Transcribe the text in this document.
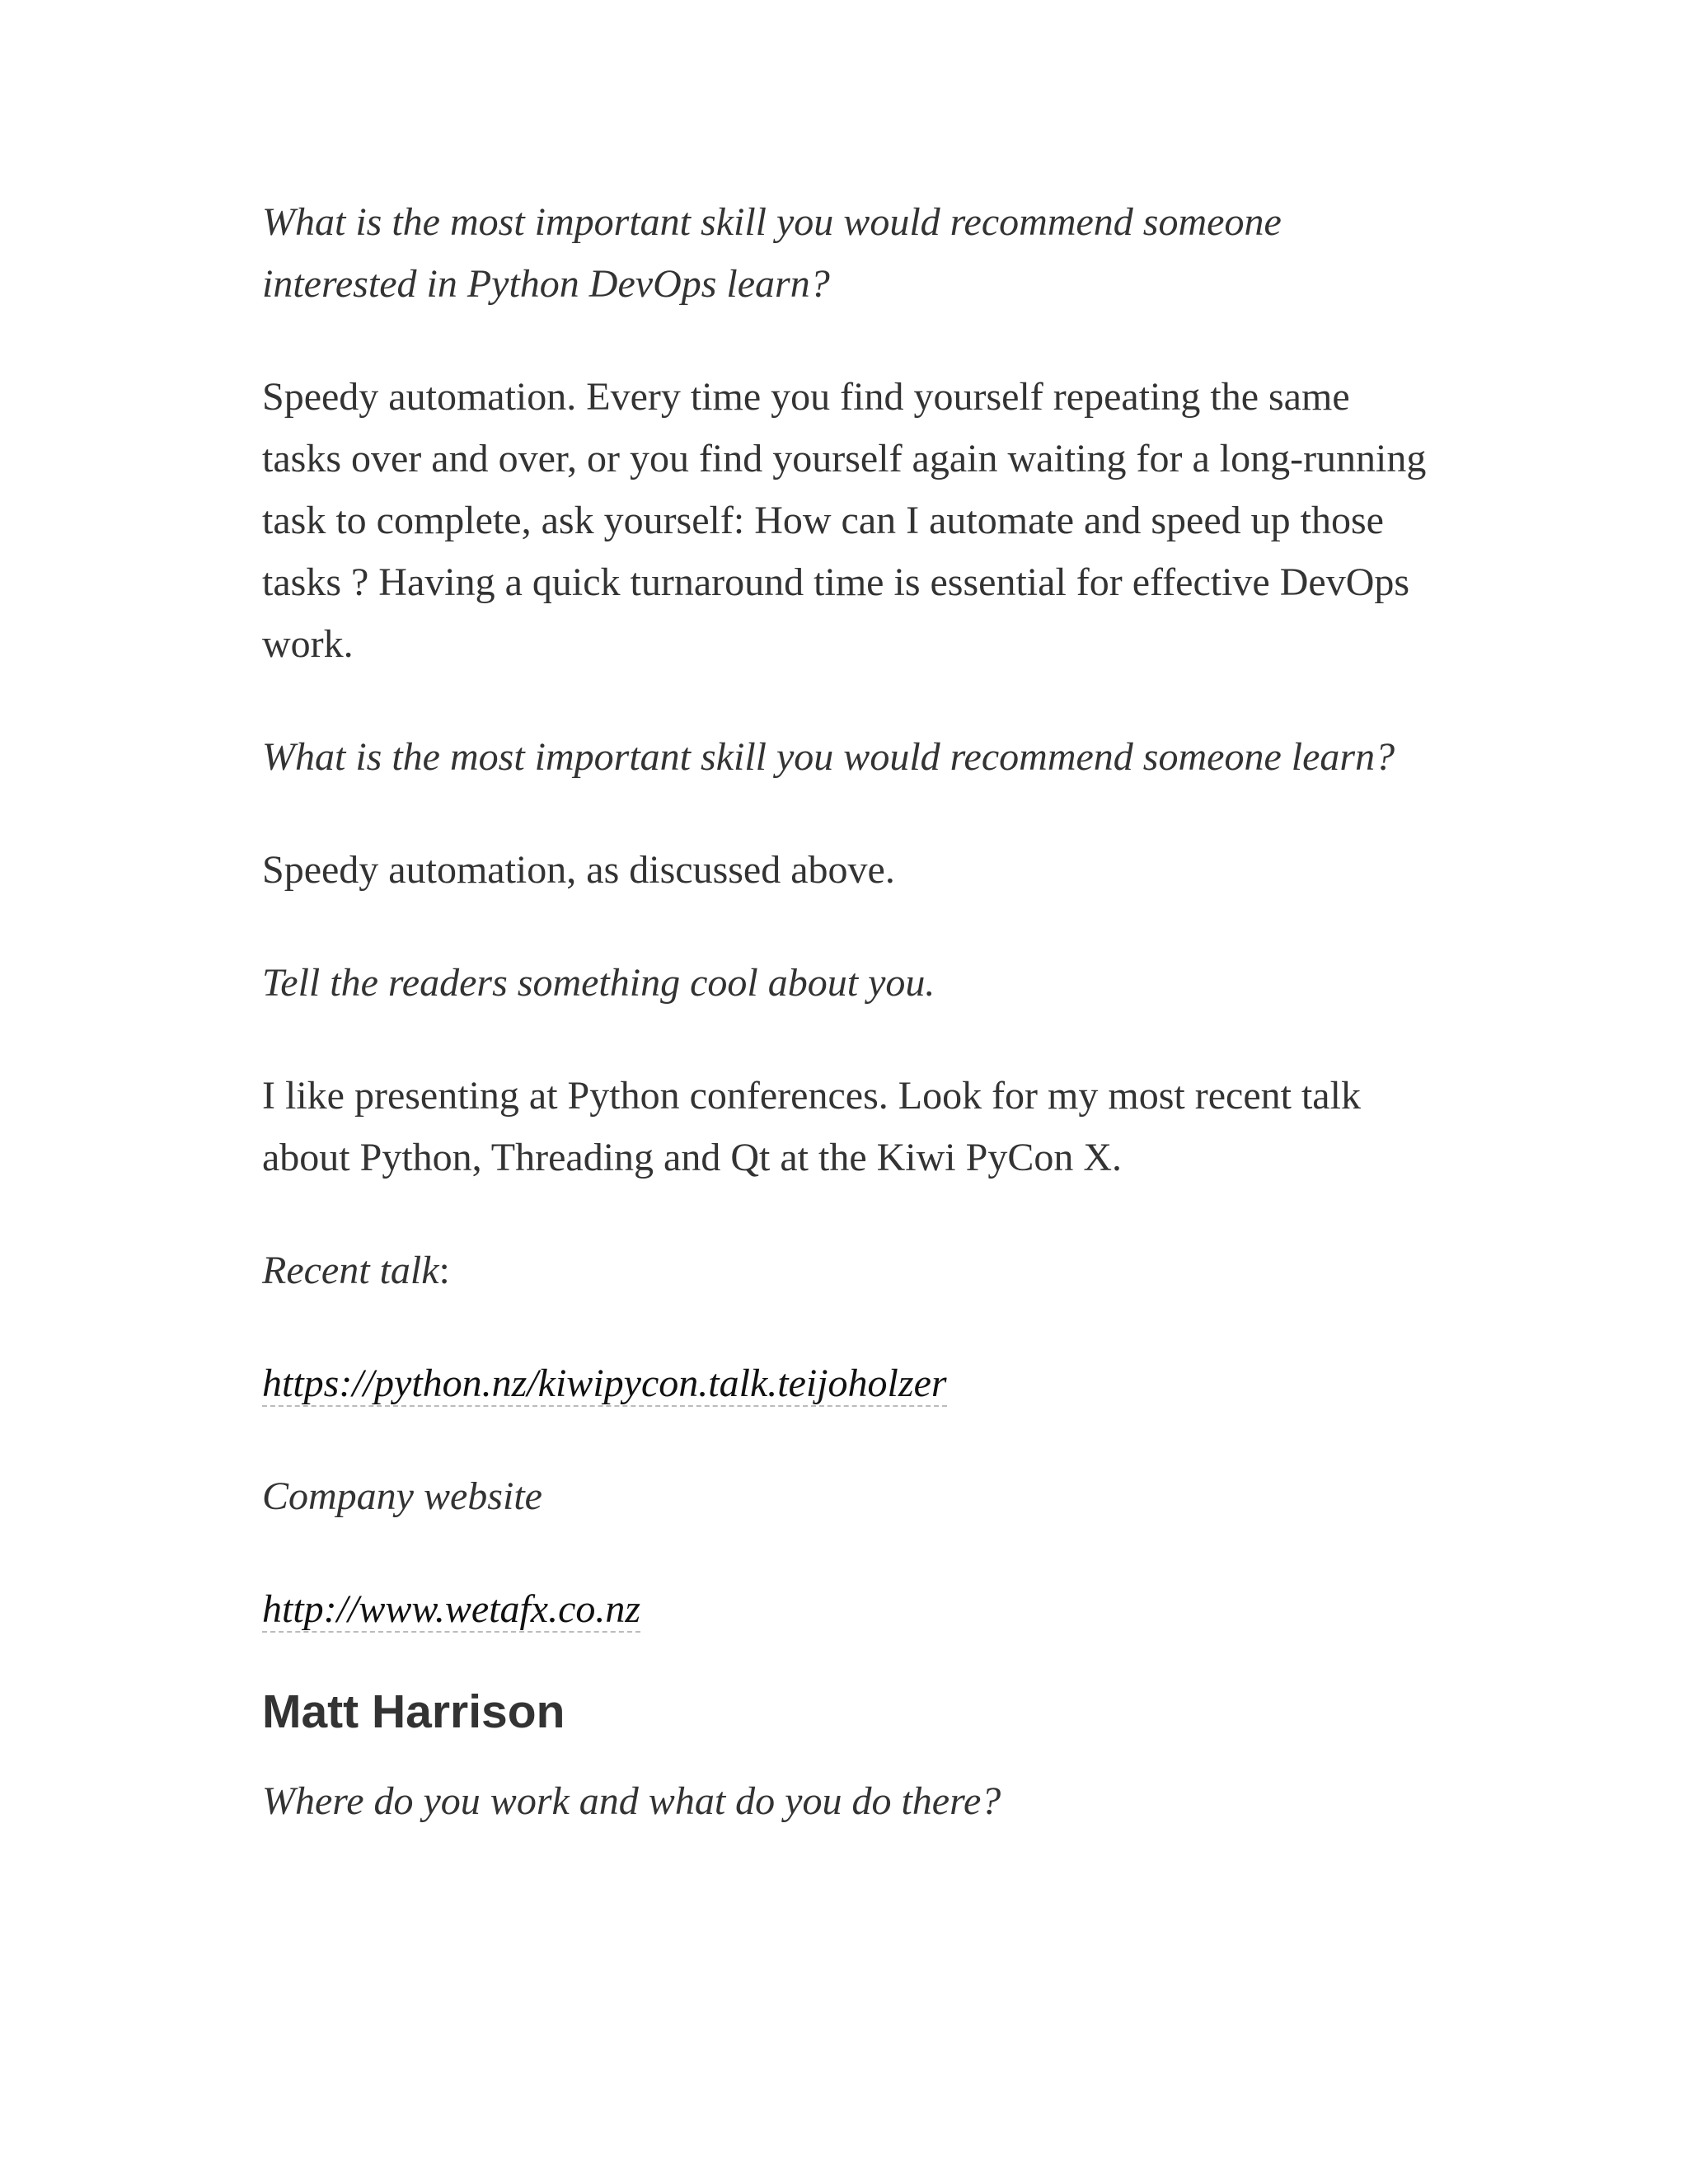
What is the most important skill you would recommend someone interested in Python DevOps learn?

Speedy automation. Every time you find yourself repeating the same tasks over and over, or you find yourself again waiting for a long-running task to complete, ask yourself: How can I automate and speed up those tasks ? Having a quick turnaround time is essential for effective DevOps work.

What is the most important skill you would recommend someone learn?

Speedy automation, as discussed above.

Tell the readers something cool about you.

I like presenting at Python conferences. Look for my most recent talk about Python, Threading and Qt at the Kiwi PyCon X.

Recent talk:

https://python.nz/kiwipycon.talk.teijoholzer

Company website

http://www.wetafx.co.nz

Matt Harrison

Where do you work and what do you do there?
